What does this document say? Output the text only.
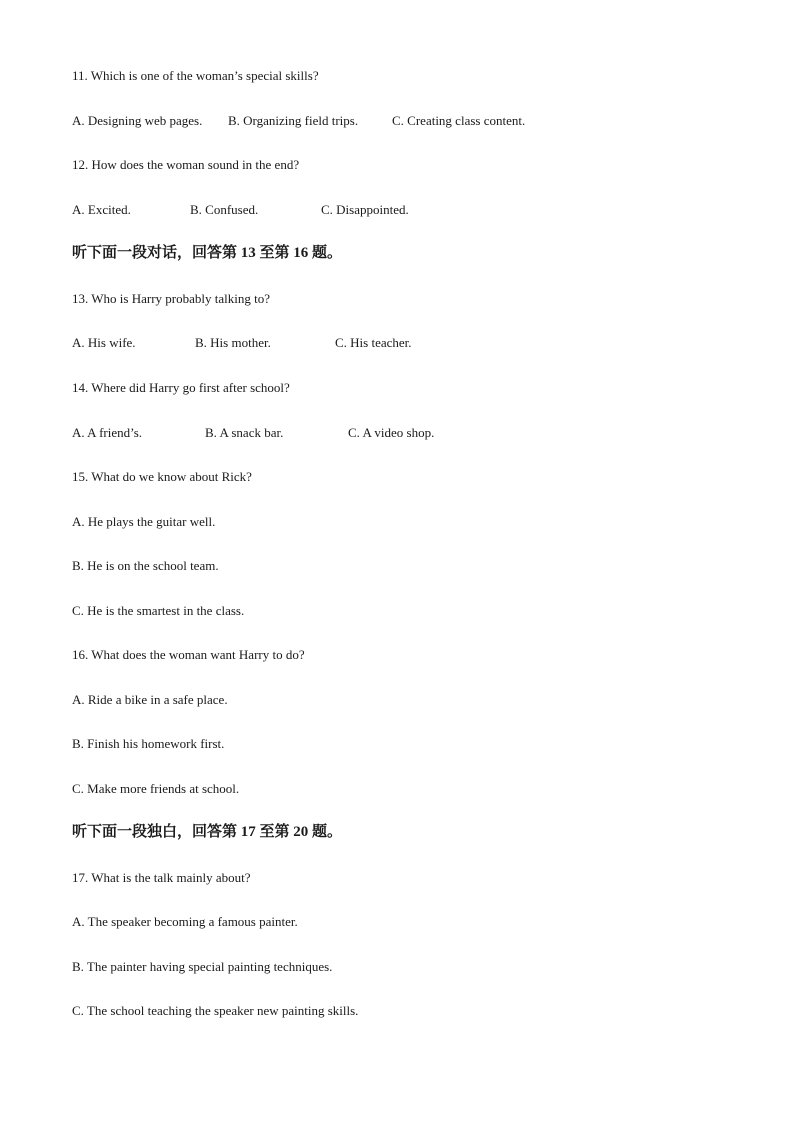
11. Which is one of the woman’s special skills?
A. Designing web pages. B. Organizing field trips.	C. Creating class content.
12. How does the woman sound in the end?
A. Excited.	B. Confused.	C. Disappointed.
听下面一段对话，回答第 13 至第 16 题。
13. Who is Harry probably talking to?
A. His wife.	B. His mother.	C. His teacher.
14. Where did Harry go first after school?
A. A friend’s.	B. A snack bar.	C. A video shop.
15. What do we know about Rick?
A. He plays the guitar well.
B. He is on the school team.
C. He is the smartest in the class.
16. What does the woman want Harry to do?
A. Ride a bike in a safe place.
B. Finish his homework first.
C. Make more friends at school.
听下面一段独白，回答第 17 至第 20 题。
17. What is the talk mainly about?
A. The speaker becoming a famous painter.
B. The painter having special painting techniques.
C. The school teaching the speaker new painting skills.
